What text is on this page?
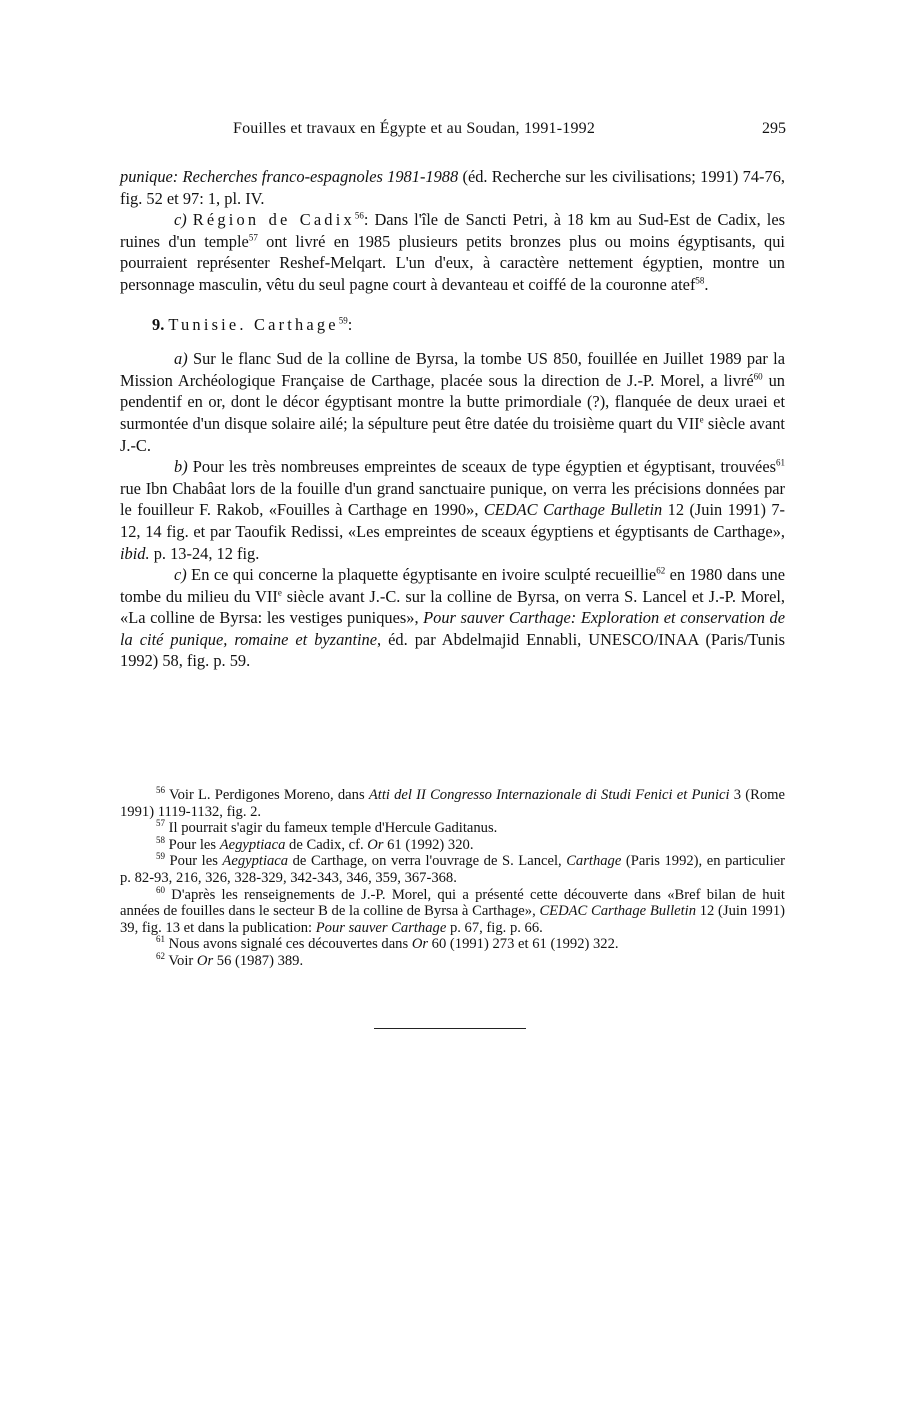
Fouilles et travaux en Égypte et au Soudan, 1991-1992	295

punique: Recherches franco-espagnoles 1981-1988 (éd. Recherche sur les civilisations; 1991) 74-76, fig. 52 et 97: 1, pl. IV.

c) Région de Cadix$^{56}$: Dans l'île de Sancti Petri, à 18 km au Sud-Est de Cadix, les ruines d'un temple$^{57}$ ont livré en 1985 plusieurs petits bronzes plus ou moins égyptisants, qui pourraient représenter Reshef-Melqart. L'un d'eux, à caractère nettement égyptien, montre un personnage masculin, vêtu du seul pagne court à devanteau et coiffé de la couronne atef$^{58}$.

9. Tunisie. Carthage$^{59}$:

a) Sur le flanc Sud de la colline de Byrsa, la tombe US 850, fouillée en Juillet 1989 par la Mission Archéologique Française de Carthage, placée sous la direction de J.-P. Morel, a livré$^{60}$ un pendentif en or, dont le décor égyptisant montre la butte primordiale (?), flanquée de deux uraei et surmontée d'un disque solaire ailé; la sépulture peut être datée du troisième quart du VIIe siècle avant J.-C.

b) Pour les très nombreuses empreintes de sceaux de type égyptien et égyptisant, trouvées$^{61}$ rue Ibn Chabâat lors de la fouille d'un grand sanctuaire punique, on verra les précisions données par le fouilleur F. Rakob, «Fouilles à Carthage en 1990», CEDAC Carthage Bulletin 12 (Juin 1991) 7-12, 14 fig. et par Taoufik Redissi, «Les empreintes de sceaux égyptiens et égyptisants de Carthage», ibid. p. 13-24, 12 fig.

c) En ce qui concerne la plaquette égyptisante en ivoire sculpté recueillie$^{62}$ en 1980 dans une tombe du milieu du VIIe siècle avant J.-C. sur la colline de Byrsa, on verra S. Lancel et J.-P. Morel, «La colline de Byrsa: les vestiges puniques», Pour sauver Carthage: Exploration et conservation de la cité punique, romaine et byzantine, éd. par Abdelmajid Ennabli, UNESCO/INAA (Paris/Tunis 1992) 58, fig. p. 59.

$^{56}$ Voir L. Perdigones Moreno, dans Atti del II Congresso Internazionale di Studi Fenici et Punici 3 (Rome 1991) 1119-1132, fig. 2.

$^{57}$ Il pourrait s'agir du fameux temple d'Hercule Gaditanus.

$^{58}$ Pour les Aegyptiaca de Cadix, cf. Or 61 (1992) 320.

$^{59}$ Pour les Aegyptiaca de Carthage, on verra l'ouvrage de S. Lancel, Carthage (Paris 1992), en particulier p. 82-93, 216, 326, 328-329, 342-343, 346, 359, 367-368.

$^{60}$ D'après les renseignements de J.-P. Morel, qui a présenté cette découverte dans «Bref bilan de huit années de fouilles dans le secteur B de la colline de Byrsa à Carthage», CEDAC Carthage Bulletin 12 (Juin 1991) 39, fig. 13 et dans la publication: Pour sauver Carthage p. 67, fig. p. 66.

$^{61}$ Nous avons signalé ces découvertes dans Or 60 (1991) 273 et 61 (1992) 322.

$^{62}$ Voir Or 56 (1987) 389.
